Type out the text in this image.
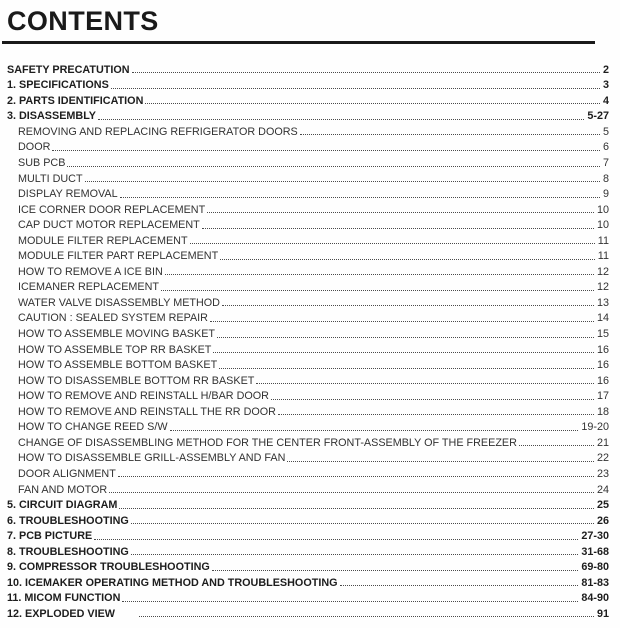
CONTENTS
SAFETY PRECATUTION	2
1. SPECIFICATIONS	3
2. PARTS IDENTIFICATION	4
3. DISASSEMBLY	5-27
REMOVING AND REPLACING REFRIGERATOR DOORS	5
DOOR	6
SUB PCB	7
MULTI DUCT	8
DISPLAY REMOVAL	9
ICE CORNER DOOR REPLACEMENT	10
CAP DUCT MOTOR REPLACEMENT	10
MODULE FILTER REPLACEMENT	11
MODULE FILTER PART REPLACEMENT	11
HOW TO REMOVE A ICE BIN	12
ICEMANER REPLACEMENT	12
WATER VALVE DISASSEMBLY METHOD	13
CAUTION : SEALED SYSTEM REPAIR	14
HOW TO ASSEMBLE MOVING BASKET	15
HOW TO ASSEMBLE TOP RR BASKET	16
HOW TO ASSEMBLE BOTTOM BASKET	16
HOW TO DISASSEMBLE BOTTOM RR BASKET	16
HOW TO REMOVE AND REINSTALL H/BAR DOOR	17
HOW TO REMOVE AND REINSTALL THE RR DOOR	18
HOW TO CHANGE REED S/W	19-20
CHANGE OF DISASSEMBLING METHOD FOR THE CENTER FRONT-ASSEMBLY OF THE FREEZER	21
HOW TO DISASSEMBLE GRILL-ASSEMBLY AND FAN	22
DOOR ALIGNMENT	23
FAN AND MOTOR	24
5. CIRCUIT DIAGRAM	25
6. TROUBLESHOOTING	26
7. PCB PICTURE	27-30
8. TROUBLESHOOTING	31-68
9. COMPRESSOR TROUBLESHOOTING	69-80
10. ICEMAKER OPERATING METHOD AND TROUBLESHOOTING	81-83
11. MICOM FUNCTION	84-90
12. EXPLODED VIEW	91
